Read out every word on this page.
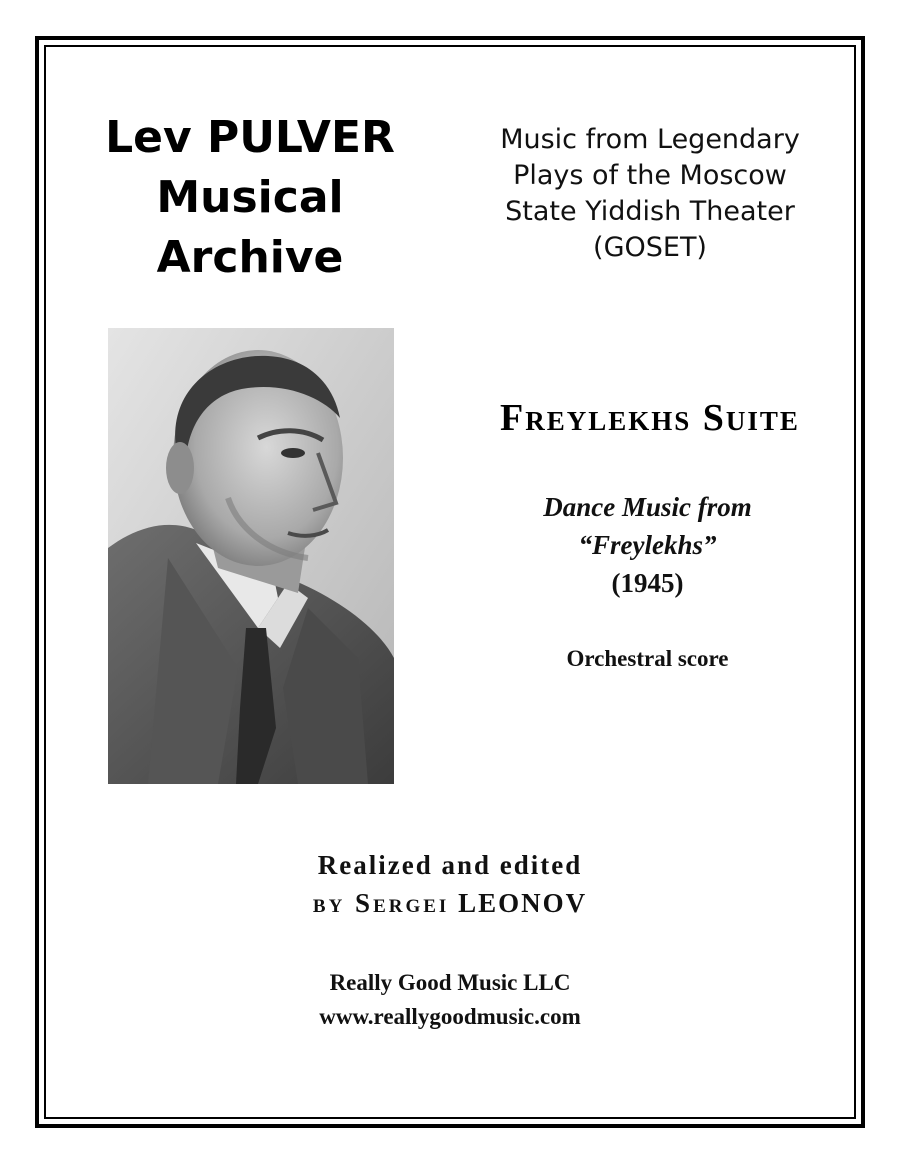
Lev PULVER
Musical
Archive
Music from Legendary
Plays of the Moscow
State Yiddish Theater
(GOSET)
Freylekhs Suite
Dance Music from
“Freylekhs”
(1945)
Orchestral score
Realized and edited
by Sergei LEONOV
Really Good Music LLC
www.reallygoodmusic.com
